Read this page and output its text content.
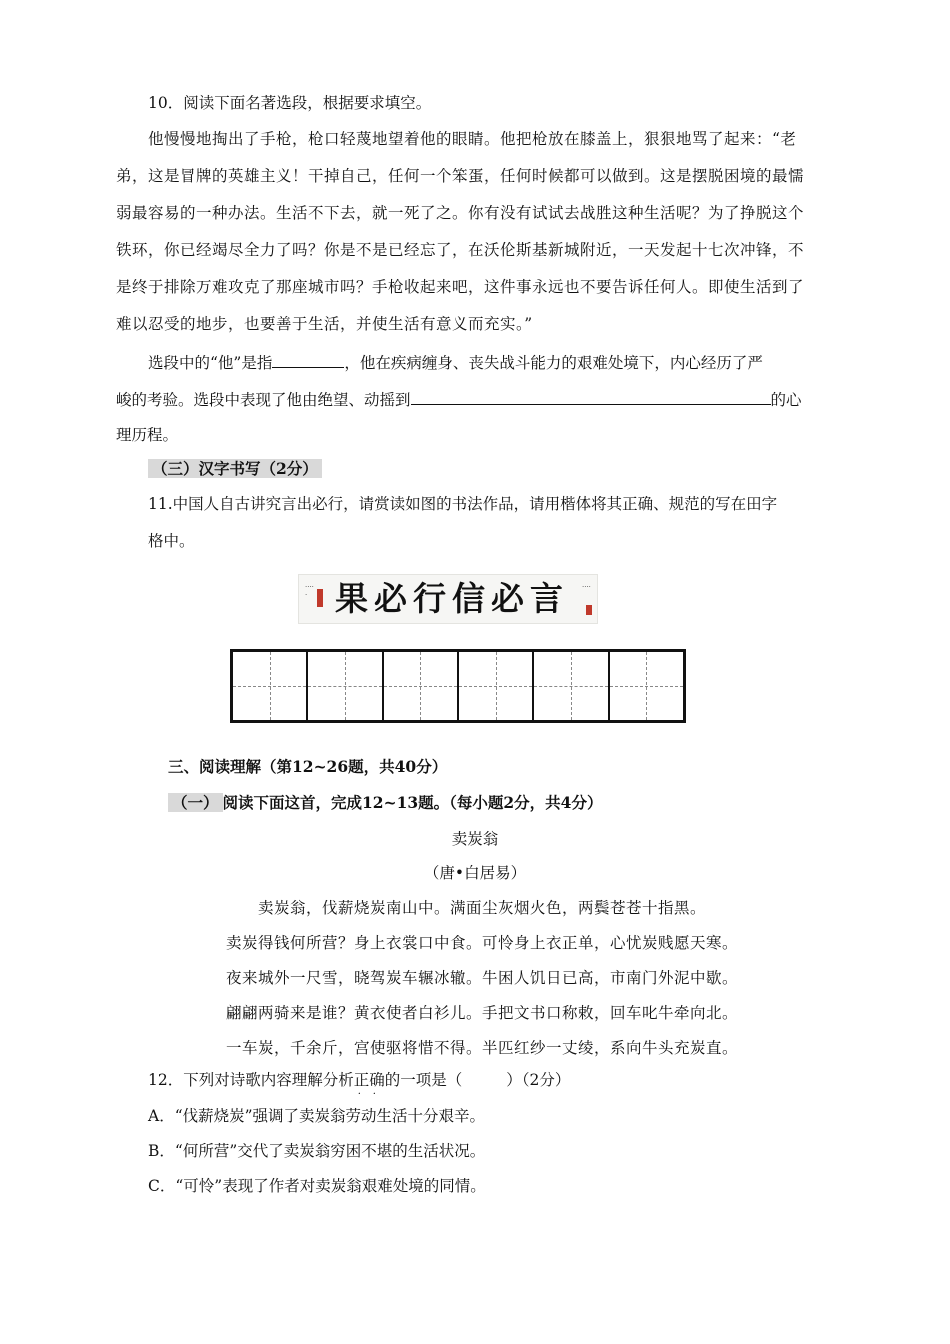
10．阅读下面名著选段，根据要求填空。
他慢慢地掏出了手枪，枪口轻蔑地望着他的眼睛。他把枪放在膝盖上，狠狠地骂了起来：“老
弟，这是冒牌的英雄主义！干掉自己，任何一个笨蛋，任何时候都可以做到。这是摆脱困境的最懦
弱最容易的一种办法。生活不下去，就一死了之。你有没有试试去战胜这种生活呢？为了挣脱这个
铁环，你已经竭尽全力了吗？你是不是已经忘了，在沃伦斯基新城附近，一天发起十七次冲锋，不
是终于排除万难攻克了那座城市吗？手枪收起来吧，这件事永远也不要告诉任何人。即使生活到了
难以忍受的地步，也要善于生活，并使生活有意义而充实。”
选段中的“他”是指	，他在疾病缠身、丧失战斗能力的艰难处境下，内心经历了严
峻的考验。选段中表现了他由绝望、动摇到	的心
理历程。
（三）汉字书写（2分）
11.中国人自古讲究言出必行，请赏读如图的书法作品，请用楷体将其正确、规范的写在田字
格中。
····· 果必行信必言 ····
三、阅读理解（第12~26题，共40分）
（一） 阅读下面这首，完成12~13题。（每小题2分，共4分）
卖炭翁
（唐•白居易）
卖炭翁，伐薪烧炭南山中。满面尘灰烟火色，两鬓苍苍十指黑。
卖炭得钱何所营？身上衣裳口中食。可怜身上衣正单，心忧炭贱愿天寒。
夜来城外一尺雪，晓驾炭车辗冰辙。牛困人饥日已高，市南门外泥中歇。
翩翩两骑来是谁？黄衣使者白衫儿。手把文书口称敕，回车叱牛牵向北。
一车炭，千余斤，宫使驱将惜不得。半匹红纱一丈绫，系向牛头充炭直。
12．下列对诗歌内容理解分析正确
· ·
的一项是（	）（2分）
A．“伐薪烧炭”强调了卖炭翁劳动生活十分艰辛。
B．“何所营”交代了卖炭翁穷困不堪的生活状况。
C．“可怜”表现了作者对卖炭翁艰难处境的同情。
